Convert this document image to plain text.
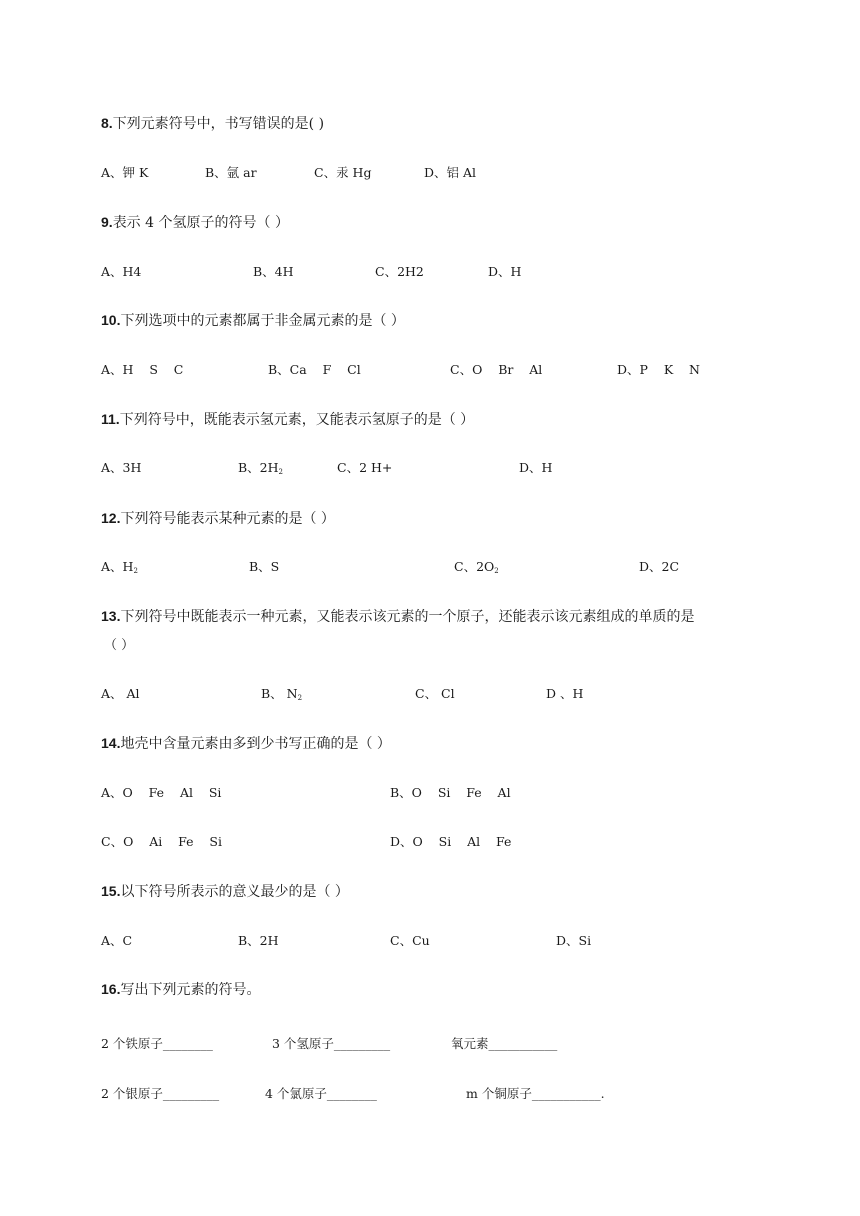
8.下列元素符号中，书写错误的是( )
A、钾 K	B、氩 ar	C、汞 Hg	D、铝 Al
9.表示 4 个氢原子的符号（ ）
A、H4	B、4H	C、2H2	D、H
10.下列选项中的元素都属于非金属元素的是（ ）
A、H    S    C	B、Ca    F    Cl	C、O    Br    Al	D、P    K    N
11.下列符号中，既能表示氢元素，又能表示氢原子的是（ ）
A、3H	B、$2H_2$	C、2 H+	D、H
12.下列符号能表示某种元素的是（ ）
A、$H_2$	B、S	C、$2O_2$	D、2C
13.下列符号中既能表示一种元素，又能表示该元素的一个原子，还能表示该元素组成的单质的是
（ ）
A、 Al	B、 $N_2$	C、 Cl	D 、H
14.地壳中含量元素由多到少书写正确的是（ ）
A、O    Fe    Al    Si	B、O    Si    Fe    Al
C、O    Ai    Fe    Si	D、O    Si    Al    Fe
15.以下符号所表示的意义最少的是（ ）
A、C	B、2H	C、Cu	D、Si
16.写出下列元素的符号。
2 个铁原子________	3 个氢原子_________	氧元素___________
2 个银原子_________	4 个氯原子________	m 个铜原子___________.
